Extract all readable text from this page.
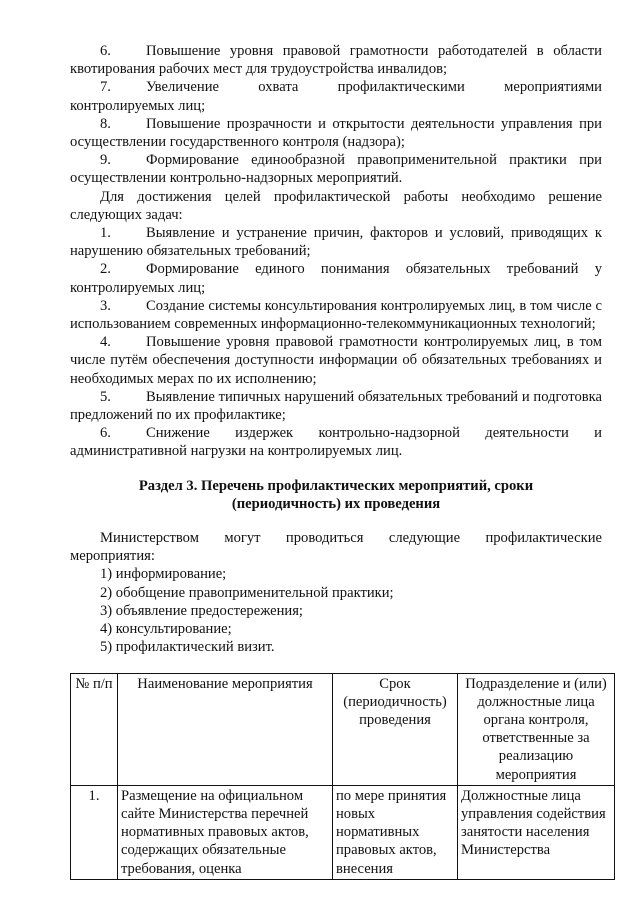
6. Повышение уровня правовой грамотности работодателей в области квотирования рабочих мест для трудоустройства инвалидов;

7. Увеличение охвата профилактическими мероприятиями контролируемых лиц;

8. Повышение прозрачности и открытости деятельности управления при осуществлении государственного контроля (надзора);

9. Формирование единообразной правоприменительной практики при осуществлении контрольно-надзорных мероприятий.

Для достижения целей профилактической работы необходимо решение следующих задач:

1. Выявление и устранение причин, факторов и условий, приводящих к нарушению обязательных требований;

2. Формирование единого понимания обязательных требований у контролируемых лиц;

3. Создание системы консультирования контролируемых лиц, в том числе с использованием современных информационно-телекоммуникационных технологий;

4. Повышение уровня правовой грамотности контролируемых лиц, в том числе путём обеспечения доступности информации об обязательных требованиях и необходимых мерах по их исполнению;

5. Выявление типичных нарушений обязательных требований и подготовка предложений по их профилактике;

6. Снижение издержек контрольно-надзорной деятельности и административной нагрузки на контролируемых лиц.

Раздел 3. Перечень профилактических мероприятий, сроки (периодичность) их проведения

Министерством могут проводиться следующие профилактические мероприятия:

1) информирование;

2) обобщение правоприменительной практики;

3) объявление предостережения;

4) консультирование;

5) профилактический визит.

№ п/п	Наименование мероприятия	Срок (периодичность) проведения	Подразделение и (или) должностные лица органа контроля, ответственные за реализацию мероприятия
1.	Размещение на официальном сайте Министерства перечней нормативных правовых актов, содержащих обязательные требования, оценка	по мере принятия новых нормативных правовых актов, внесения	Должностные лица управления содействия занятости населения Министерства
